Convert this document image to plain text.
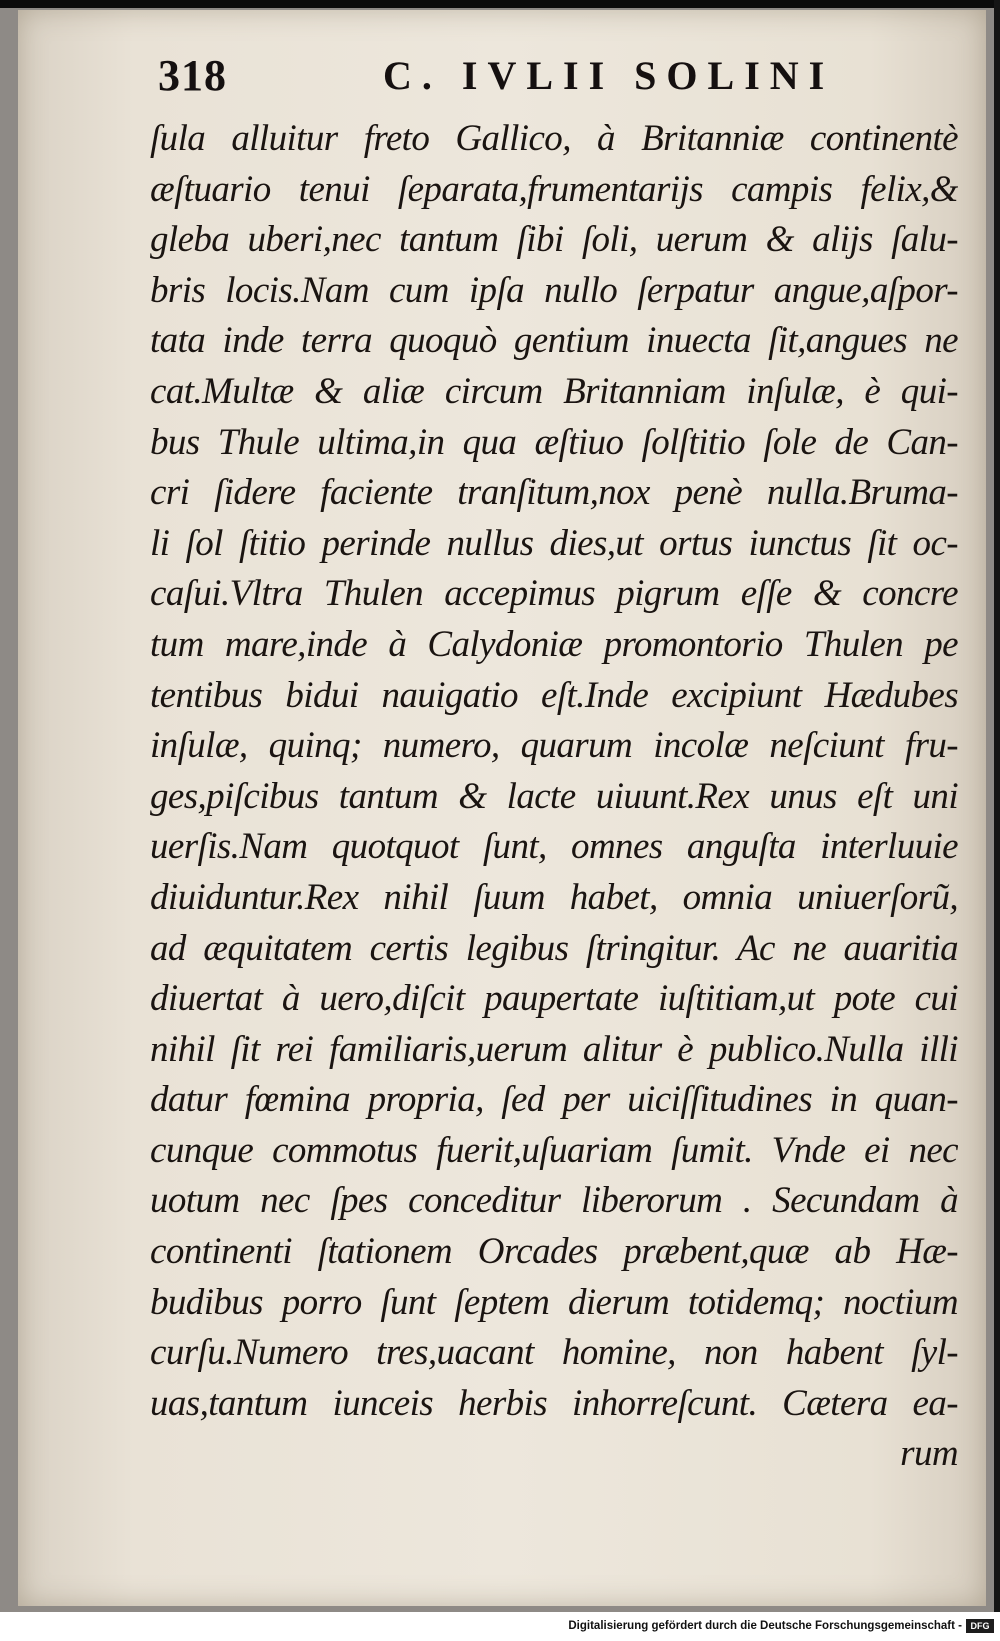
318	C. IVLII SOLINI
ſula alluitur freto Gallico, à Britanniæ continentè
æſtuario tenui ſeparata,frumentarijs campis felix,&
gleba uberi,nec tantum ſibi ſoli, uerum & alijs ſalu-
bris locis.Nam cum ipſa nullo ſerpatur angue,aſpor-
tata inde terra quoquò gentium inuecta ſit,angues ne
cat.Multæ & aliæ circum Britanniam inſulæ, è qui-
bus Thule ultima,in qua æſtiuo ſolſtitio ſole de Can-
cri ſidere faciente tranſitum,nox penè nulla.Bruma-
li ſol ſtitio perinde nullus dies,ut ortus iunctus ſit oc-
caſui.Vltra Thulen accepimus pigrum eſſe & concre
tum mare,inde à Calydoniæ promontorio Thulen pe
tentibus bidui nauigatio eſt.Inde excipiunt Hædubes
inſulæ, quinq; numero, quarum incolæ neſciunt fru-
ges,piſcibus tantum & lacte uiuunt.Rex unus eſt uni
uerſis.Nam quotquot ſunt, omnes anguſta interluuie
diuiduntur.Rex nihil ſuum habet, omnia uniuerſorũ,
ad æquitatem certis legibus ſtringitur. Ac ne auaritia
diuertat à uero,diſcit paupertate iuſtitiam,ut pote cui
nihil ſit rei familiaris,uerum alitur è publico.Nulla illi
datur fœmina propria, ſed per uiciſſitudines in quan-
cunque commotus fuerit,uſuariam ſumit. Vnde ei nec
uotum nec ſpes conceditur liberorum . Secundam à
continenti ſtationem Orcades præbent,quæ ab Hæ-
budibus porro ſunt ſeptem dierum totidemq; noctium
curſu.Numero tres,uacant homine, non habent ſyl-
uas,tantum iunceis herbis inhorreſcunt. Cætera ea-
rum
Digitalisierung gefördert durch die Deutsche Forschungsgemeinschaft - DFG
